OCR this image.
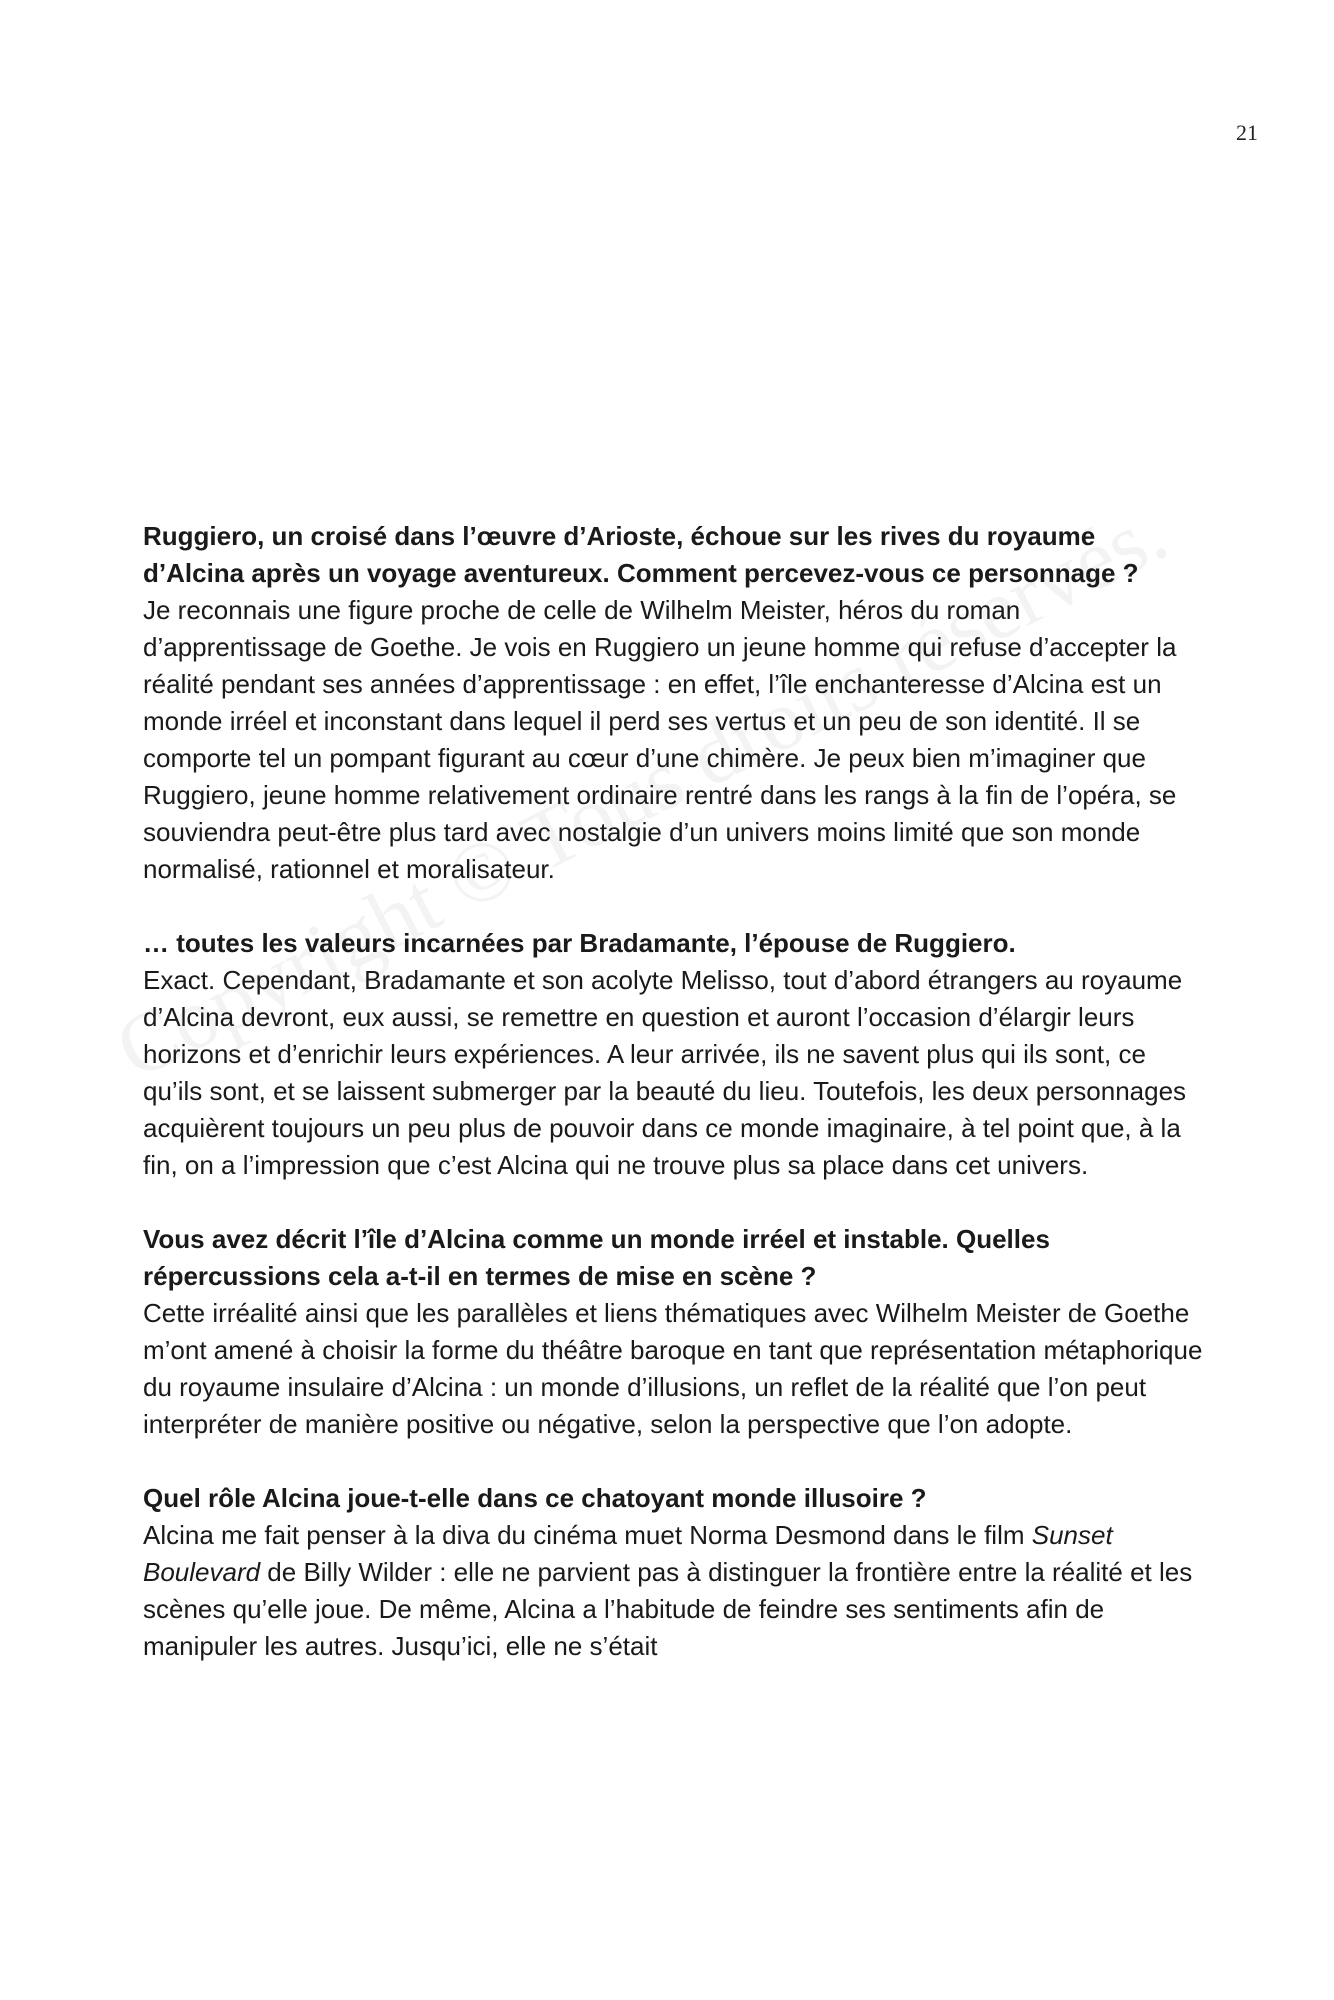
21

Ruggiero, un croisé dans l’œuvre d’Arioste, échoue sur les rives du royaume d’Alcina après un voyage aventureux. Comment percevez-vous ce personnage ?

Je reconnais une figure proche de celle de Wilhelm Meister, héros du roman d’apprentissage de Goethe. Je vois en Ruggiero un jeune homme qui refuse d’accepter la réalité pendant ses années d’apprentissage : en effet, l’île enchanteresse d’Alcina est un monde irréel et inconstant dans lequel il perd ses vertus et un peu de son identité. Il se comporte tel un pompant figurant au cœur d’une chimère. Je peux bien m’imaginer que Ruggiero, jeune homme relativement ordinaire rentré dans les rangs à la fin de l’opéra, se souviendra peut-être plus tard avec nostalgie d’un univers moins limité que son monde normalisé, rationnel et moralisateur.

… toutes les valeurs incarnées par Bradamante, l’épouse de Ruggiero.

Exact. Cependant, Bradamante et son acolyte Melisso, tout d’abord étrangers au royaume d’Alcina devront, eux aussi, se remettre en question et auront l’occasion d’élargir leurs horizons et d’enrichir leurs expériences. A leur arrivée, ils ne savent plus qui ils sont, ce qu’ils sont, et se laissent submerger par la beauté du lieu. Toutefois, les deux personnages acquièrent toujours un peu plus de pouvoir dans ce monde imaginaire, à tel point que, à la fin, on a l’impression que c’est Alcina qui ne trouve plus sa place dans cet univers.

Vous avez décrit l’île d’Alcina comme un monde irréel et instable. Quelles répercussions cela a-t-il en termes de mise en scène ?

Cette irréalité ainsi que les parallèles et liens thématiques avec Wilhelm Meister de Goethe m’ont amené à choisir la forme du théâtre baroque en tant que représentation métaphorique du royaume insulaire d’Alcina : un monde d’illusions, un reflet de la réalité que l’on peut interpréter de manière positive ou négative, selon la perspective que l’on adopte.

Quel rôle Alcina joue-t-elle dans ce chatoyant monde illusoire ?

Alcina me fait penser à la diva du cinéma muet Norma Desmond dans le film Sunset Boulevard de Billy Wilder : elle ne parvient pas à distinguer la frontière entre la réalité et les scènes qu’elle joue. De même, Alcina a l’habitude de feindre ses sentiments afin de manipuler les autres. Jusqu’ici, elle ne s’était
